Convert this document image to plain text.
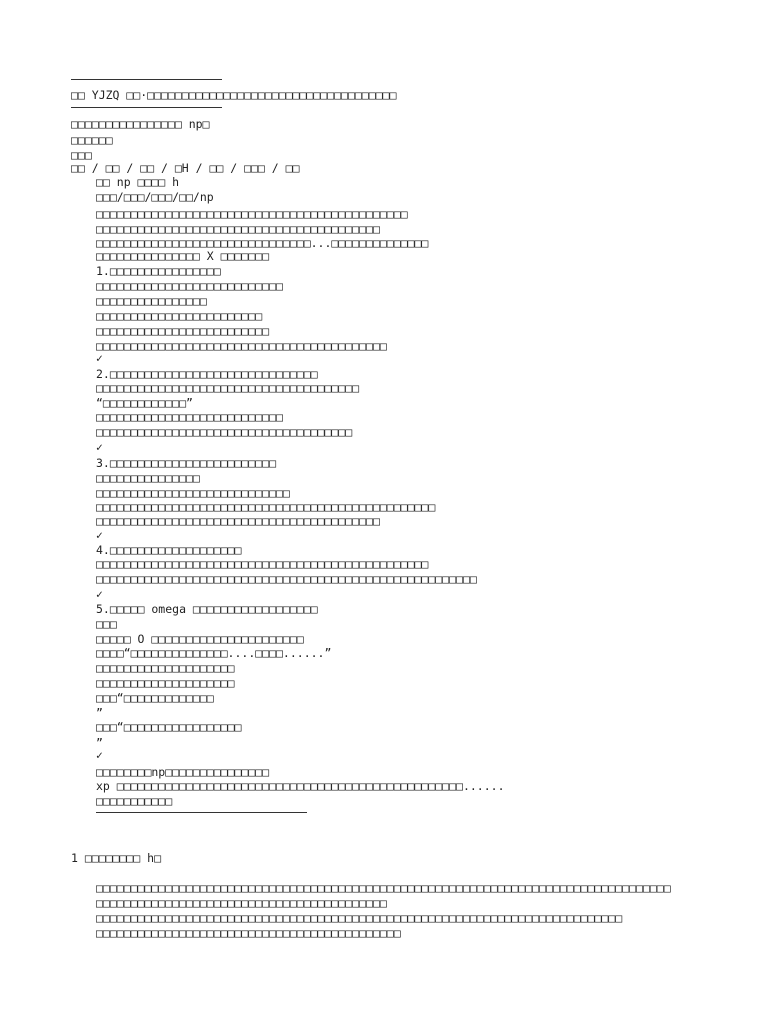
□□ YJZQ □□·□□□□□□□□□□□□□□□□□□□□□□□□□□□□□□□□□□□□
□□□□□□□□□□□□□□□□ np□
□□□□□□
□□□
□□ / □□ / □□ / □H / □□ / □□□ / □□
□□ np □□□□ h
□□□/□□□/□□□/□□/np
□□□□□□□□□□□□□□□□□□□□□□□□□□□□□□□□□□□□□□□□□□□□□
□□□□□□□□□□□□□□□□□□□□□□□□□□□□□□□□□□□□□□□□□
□□□□□□□□□□□□□□□□□□□□□□□□□□□□□□□...□□□□□□□□□□□□□□
□□□□□□□□□□□□□□□ X □□□□□□□
1.□□□□□□□□□□□□□□□□
□□□□□□□□□□□□□□□□□□□□□□□□□□□
□□□□□□□□□□□□□□□□
□□□□□□□□□□□□□□□□□□□□□□□□
□□□□□□□□□□□□□□□□□□□□□□□□□
□□□□□□□□□□□□□□□□□□□□□□□□□□□□□□□□□□□□□□□□□□
✓
2.□□□□□□□□□□□□□□□□□□□□□□□□□□□□□□
□□□□□□□□□□□□□□□□□□□□□□□□□□□□□□□□□□□□□□
“□□□□□□□□□□□□”
□□□□□□□□□□□□□□□□□□□□□□□□□□□
□□□□□□□□□□□□□□□□□□□□□□□□□□□□□□□□□□□□□
✓
3.□□□□□□□□□□□□□□□□□□□□□□□□
□□□□□□□□□□□□□□□
□□□□□□□□□□□□□□□□□□□□□□□□□□□□
□□□□□□□□□□□□□□□□□□□□□□□□□□□□□□□□□□□□□□□□□□□□□□□□□
□□□□□□□□□□□□□□□□□□□□□□□□□□□□□□□□□□□□□□□□□
✓
4.□□□□□□□□□□□□□□□□□□□
□□□□□□□□□□□□□□□□□□□□□□□□□□□□□□□□□□□□□□□□□□□□□□□□
□□□□□□□□□□□□□□□□□□□□□□□□□□□□□□□□□□□□□□□□□□□□□□□□□□□□□□□
✓
5.□□□□□ omega □□□□□□□□□□□□□□□□□□
□□□
□□□□□ O □□□□□□□□□□□□□□□□□□□□□□
□□□□“□□□□□□□□□□□□□□....□□□□......”
□□□□□□□□□□□□□□□□□□□□
□□□□□□□□□□□□□□□□□□□□
□□□“□□□□□□□□□□□□□
”
□□□“□□□□□□□□□□□□□□□□□
”
✓
□□□□□□□□np□□□□□□□□□□□□□□□
xp □□□□□□□□□□□□□□□□□□□□□□□□□□□□□□□□□□□□□□□□□□□□□□□□□□......
□□□□□□□□□□□
1 □□□□□□□□ h□
□□□□□□□□□□□□□□□□□□□□□□□□□□□□□□□□□□□□□□□□□□□□□□□□□□□□□□□□□□□□□□□□□□□□□□□□□□□□□□□□□□□
□□□□□□□□□□□□□□□□□□□□□□□□□□□□□□□□□□□□□□□□□□
□□□□□□□□□□□□□□□□□□□□□□□□□□□□□□□□□□□□□□□□□□□□□□□□□□□□□□□□□□□□□□□□□□□□□□□□□□□□
□□□□□□□□□□□□□□□□□□□□□□□□□□□□□□□□□□□□□□□□□□□□
